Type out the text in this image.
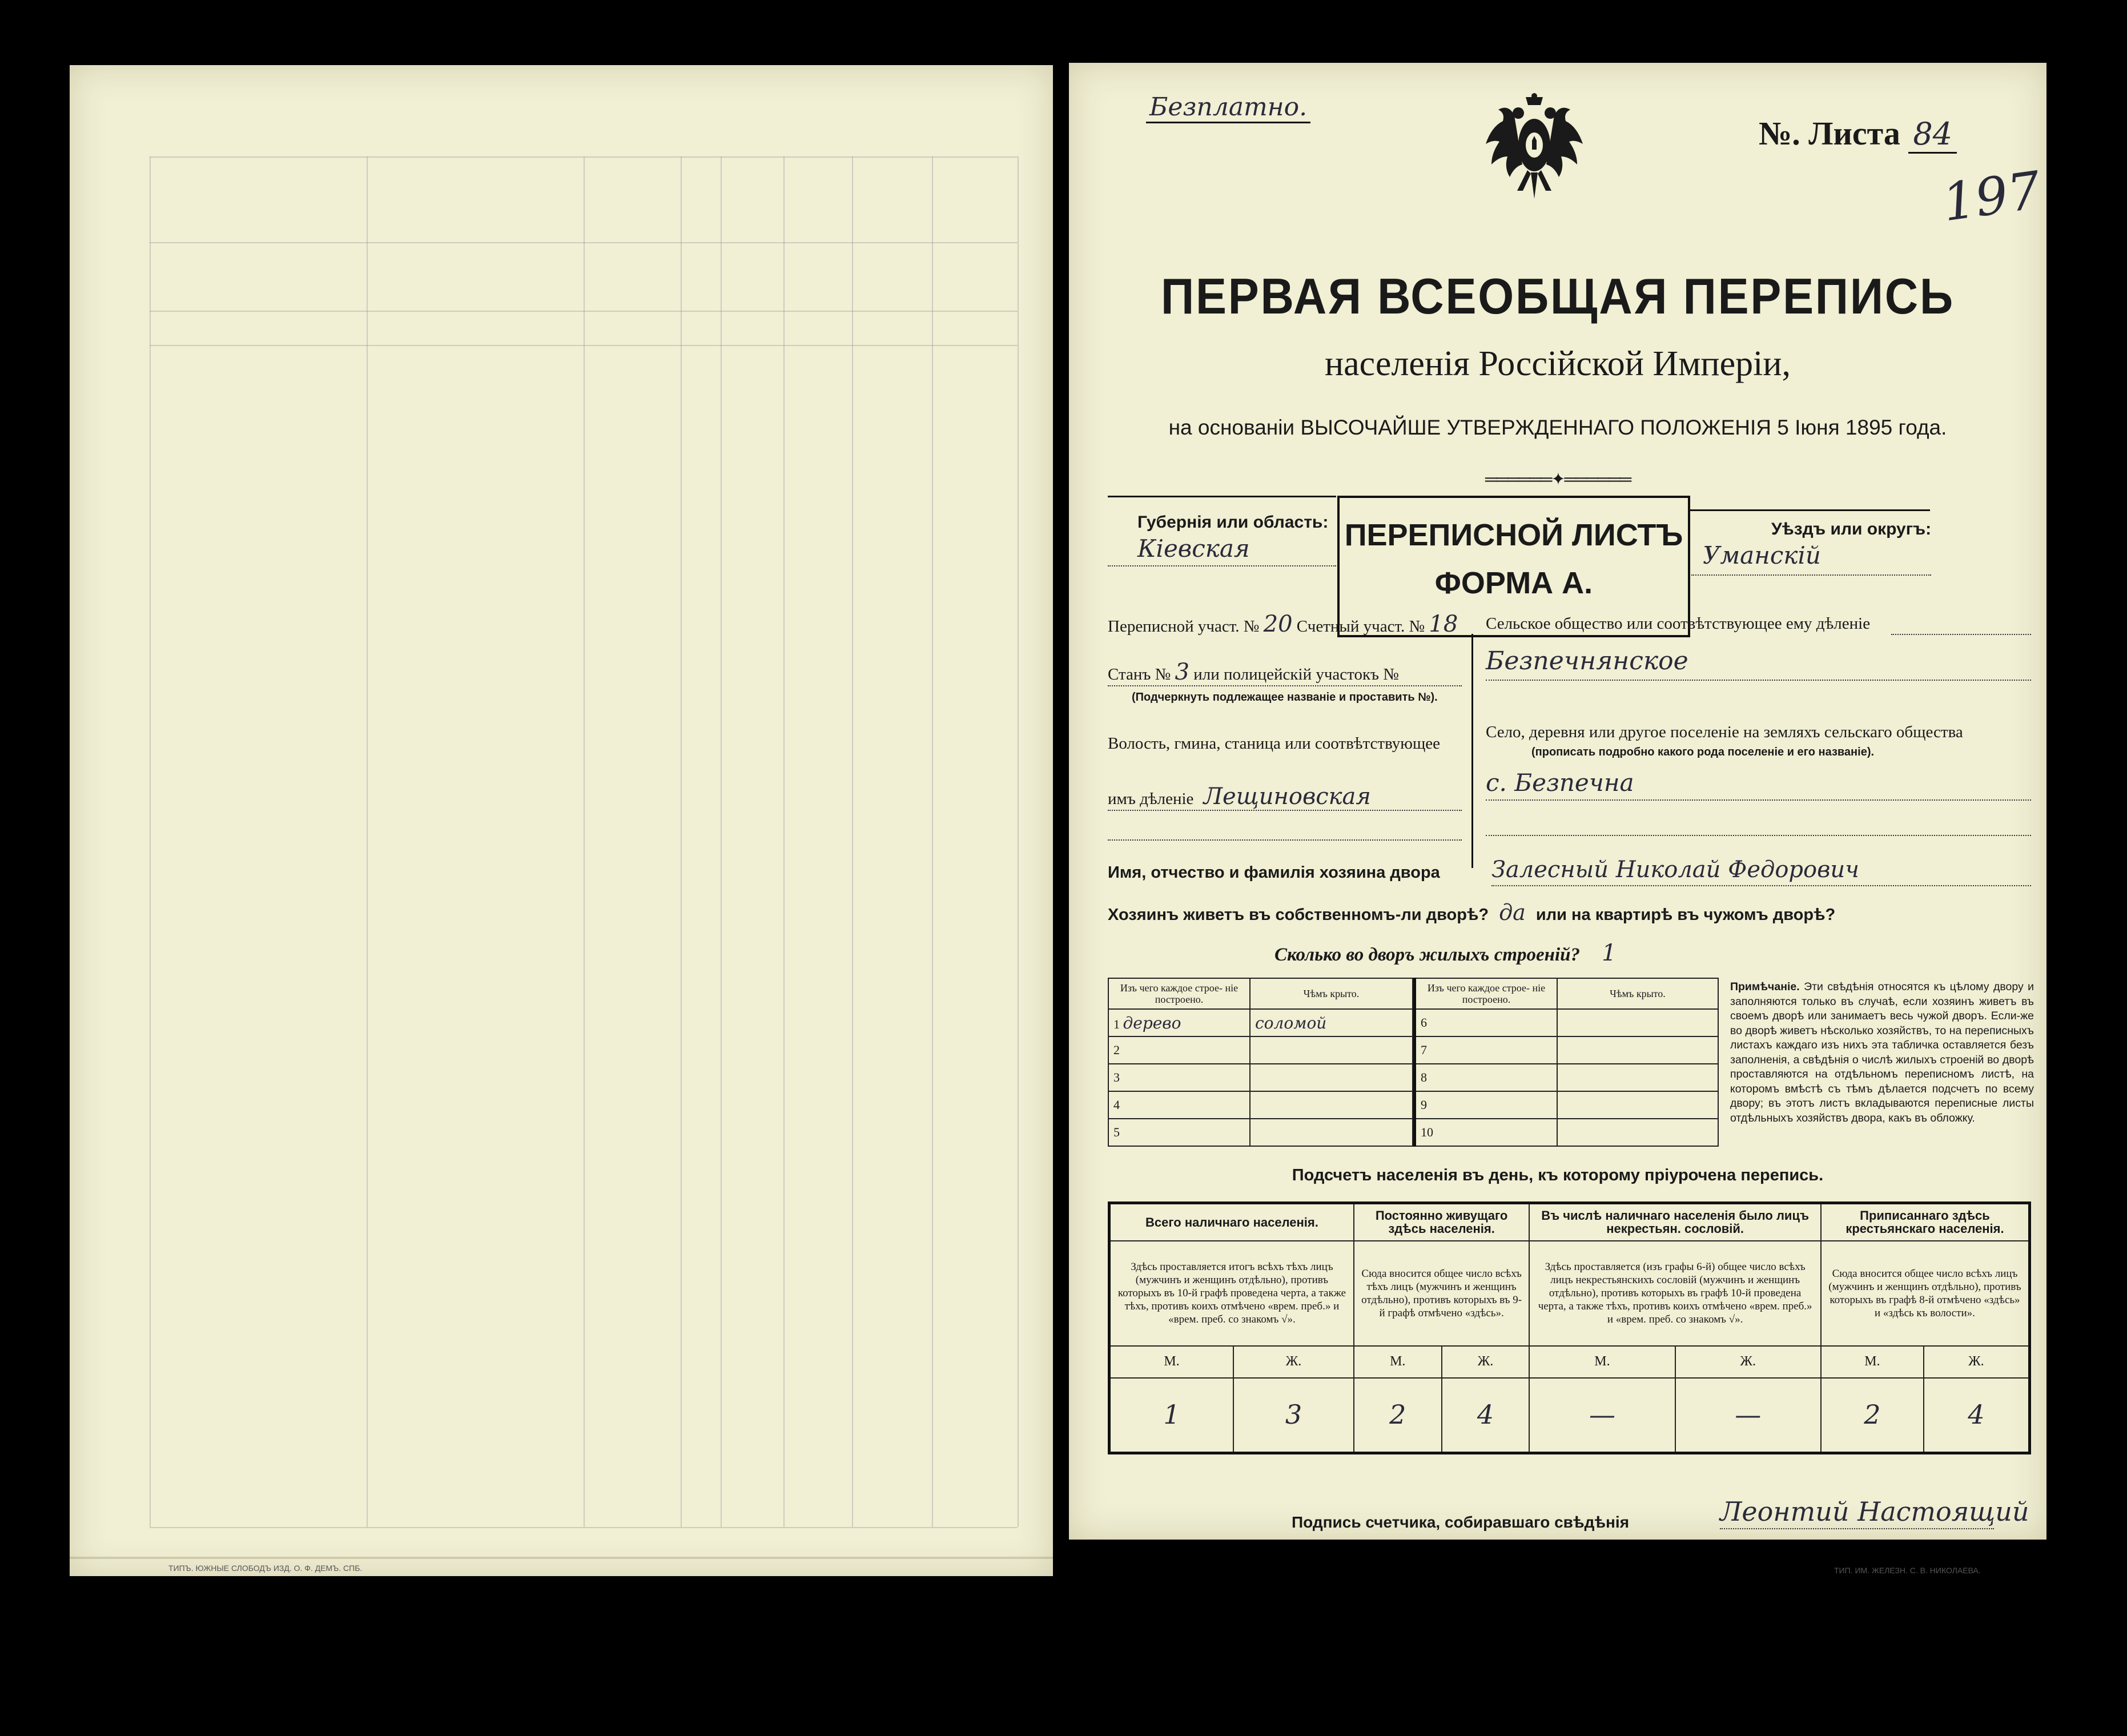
Безплатно.
№. Листа 84
197
ПЕРВАЯ ВСЕОБЩАЯ ПЕРЕПИСЬ
населенія Россійской Имперіи,
на основаніи ВЫСОЧАЙШЕ УТВЕРЖДЕННАГО ПОЛОЖЕНІЯ 5 Іюня 1895 года.
══════✦══════
Губернія или область:
Кіевская	ПЕРЕПИСНОЙ ЛИСТЪ
ФОРМА А.
Уѣздъ или округъ:
Уманскій
Переписной участ. № 20 Счетный участ. № 18
Станъ № 3 или полицейскій участокъ №
(Подчеркнуть подлежащее названіе и проставить №).
Волость, гмина, станица или соотвѣтствующее
имъ дѣленіе Лещиновская
Сельское общество или соотвѣтствующее ему дѣленіе
Безпечнянское
Село, деревня или другое поселеніе на земляхъ сельскаго общества
(прописать подробно какого рода поселеніе и его названіе).
с. Безпечна
Имя, отчество и фамилія хозяина двора Залесный Николай Федорович
Хозяинъ живетъ въ собственномъ-ли дворѣ? да или на квартирѣ въ чужомъ дворѣ?
Сколько во дворъ жилыхъ строеній? 1
Изъ чего каждое строе- ніе построено.	Чѣмъ крыто.
1 дерево	соломой
2	
3	
4	
5	
Изъ чего каждое строе- ніе построено.	Чѣмъ крыто.
6	
7	
8	
9	
10	
Примѣчаніе. Эти свѣдѣнія относятся къ цѣлому двору и заполняются только въ случаѣ, если хозяинъ живетъ въ своемъ дворѣ или занимаетъ весь чужой дворъ. Если-же во дворѣ живетъ нѣсколько хозяйствъ, то на переписныхъ листахъ каждаго изъ нихъ эта табличка оставляется безъ заполненія, а свѣдѣнія о числѣ жилыхъ строеній во дворѣ проставляются на отдѣльномъ переписномъ листѣ, на которомъ вмѣстѣ съ тѣмъ дѣлается подсчетъ по всему двору; въ этотъ листъ вкладываются переписные листы отдѣльныхъ хозяйствъ двора, какъ въ обложку.
Подсчетъ населенія въ день, къ которому пріурочена перепись.
Всего наличнаго населенія.		Постоянно живущаго здѣсь населенія.		Въ числѣ наличнаго населенія было лицъ некрестьян. сословій.		Приписаннаго здѣсь крестьянскаго населенія.	
Здѣсь проставляется итогъ всѣхъ тѣхъ лицъ (мужчинъ и женщинъ отдѣльно), противъ которыхъ въ 10-й графѣ проведена черта, а также тѣхъ, противъ коихъ отмѣчено «врем. преб.» и «врем. преб. со знакомъ √».		Сюда вносится общее число всѣхъ тѣхъ лицъ (мужчинъ и женщинъ отдѣльно), противъ которыхъ въ 9-й графѣ отмѣчено «здѣсь».		Здѣсь проставляется (изъ графы 6-й) общее число всѣхъ лицъ некрестьянскихъ сословій (мужчинъ и женщинъ отдѣльно), противъ которыхъ въ графѣ 10-й проведена черта, а также тѣхъ, противъ коихъ отмѣчено «врем. преб.» и «врем. преб. со знакомъ √».		Сюда вносится общее число всѣхъ лицъ (мужчинъ и женщинъ отдѣльно), противъ которыхъ въ графѣ 8-й отмѣчено «здѣсь» и «здѣсь къ волости».	
М.	Ж.	М.	Ж.	М.	Ж.	М.	Ж.
1	3	2	4	—	—	2	4
Подпись счетчика, собиравшаго свѣдѣнія	Леонтий Настоящий
ТИП. ИМ. ЖЕЛЕЗН. С. В. НИКОЛАЕВА.
ТИПЪ. ЮЖНЫЕ СЛОБОДЪ ИЗД. О. Ф. ДЕМЪ. СПБ.
